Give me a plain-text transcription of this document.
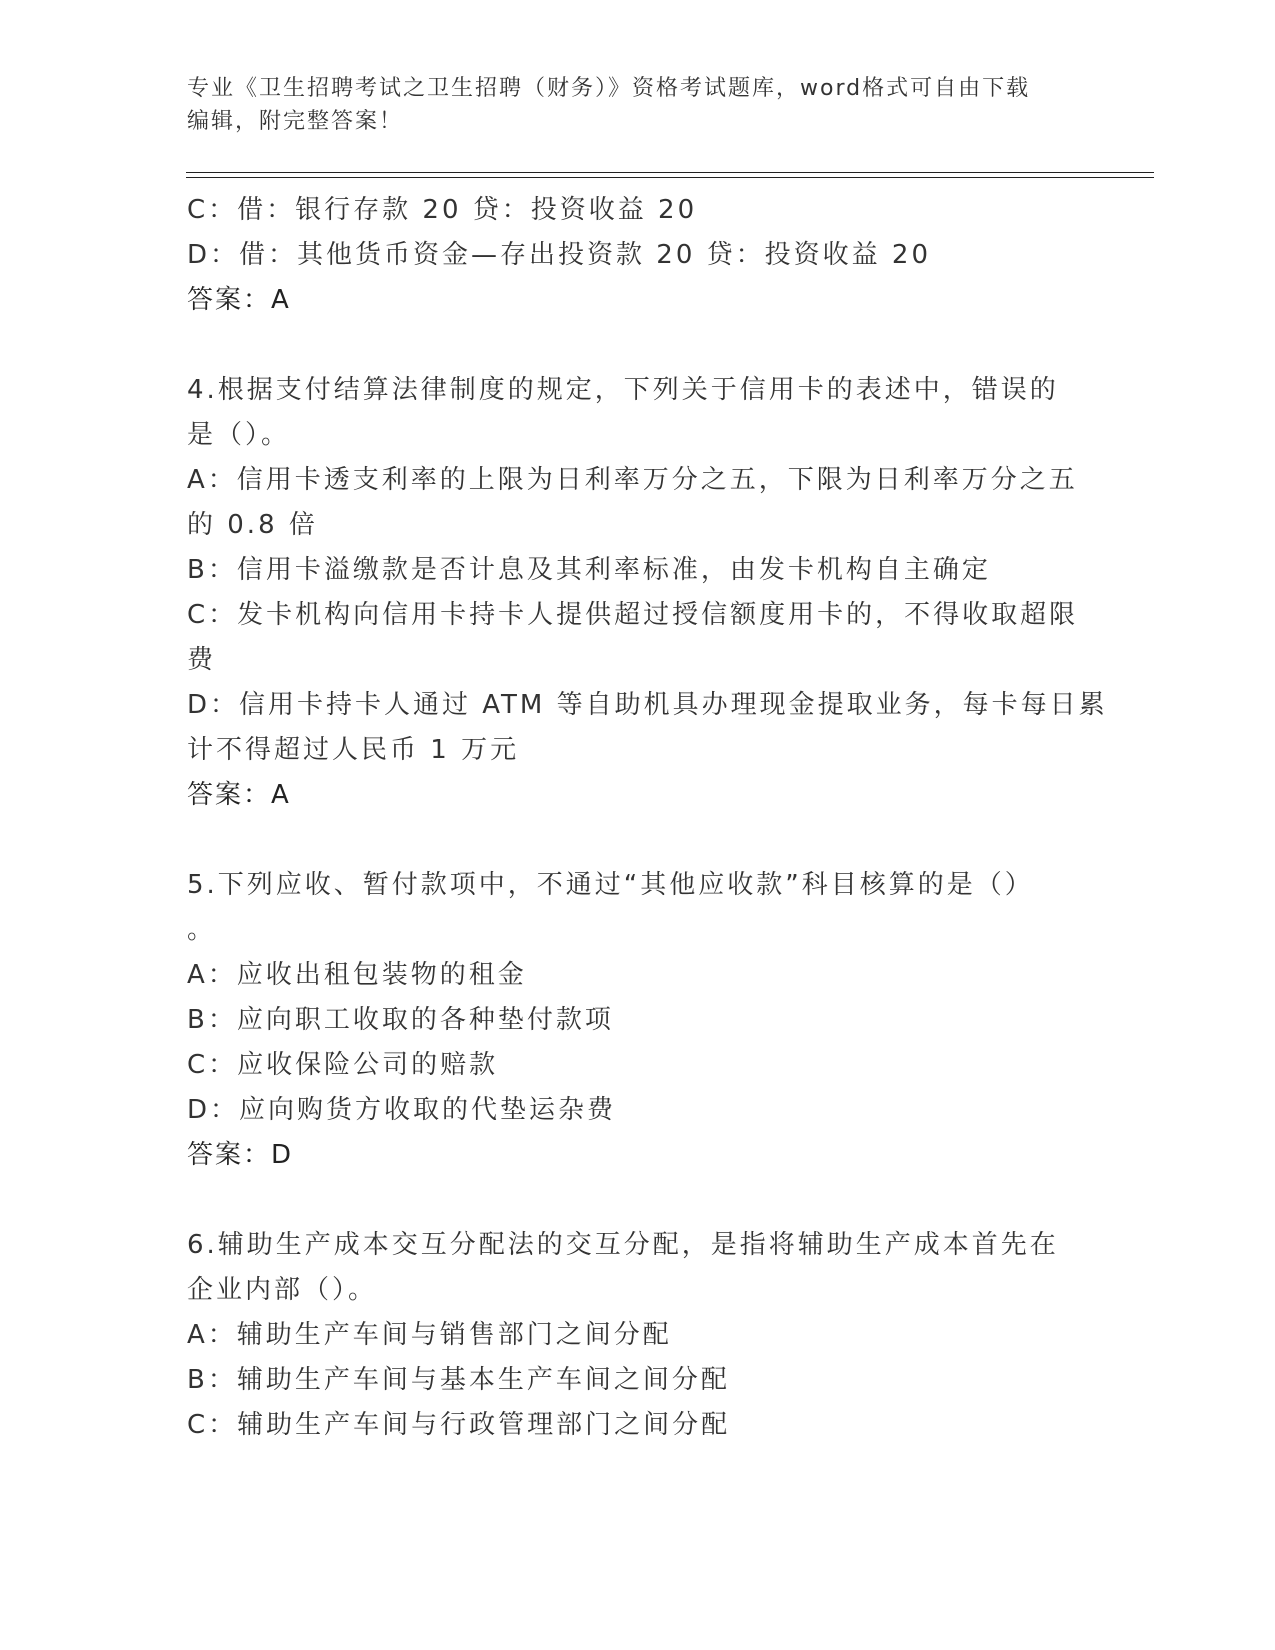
专业《卫生招聘考试之卫生招聘（财务）》资格考试题库，word格式可自由下载
编辑，附完整答案！
C：借：银行存款 20 贷：投资收益 20
D：借：其他货币资金—存出投资款 20 贷：投资收益 20
答案：A
4.根据支付结算法律制度的规定，下列关于信用卡的表述中，错误的
是（）。
A：信用卡透支利率的上限为日利率万分之五，下限为日利率万分之五
的 0.8 倍
B：信用卡溢缴款是否计息及其利率标准，由发卡机构自主确定
C：发卡机构向信用卡持卡人提供超过授信额度用卡的，不得收取超限
费
D：信用卡持卡人通过 ATM 等自助机具办理现金提取业务，每卡每日累
计不得超过人民币 1 万元
答案：A
5.下列应收、暂付款项中，不通过“其他应收款”科目核算的是（）
。
A：应收出租包装物的租金
B：应向职工收取的各种垫付款项
C：应收保险公司的赔款
D：应向购货方收取的代垫运杂费
答案：D
6.辅助生产成本交互分配法的交互分配，是指将辅助生产成本首先在
企业内部（）。
A：辅助生产车间与销售部门之间分配
B：辅助生产车间与基本生产车间之间分配
C：辅助生产车间与行政管理部门之间分配
